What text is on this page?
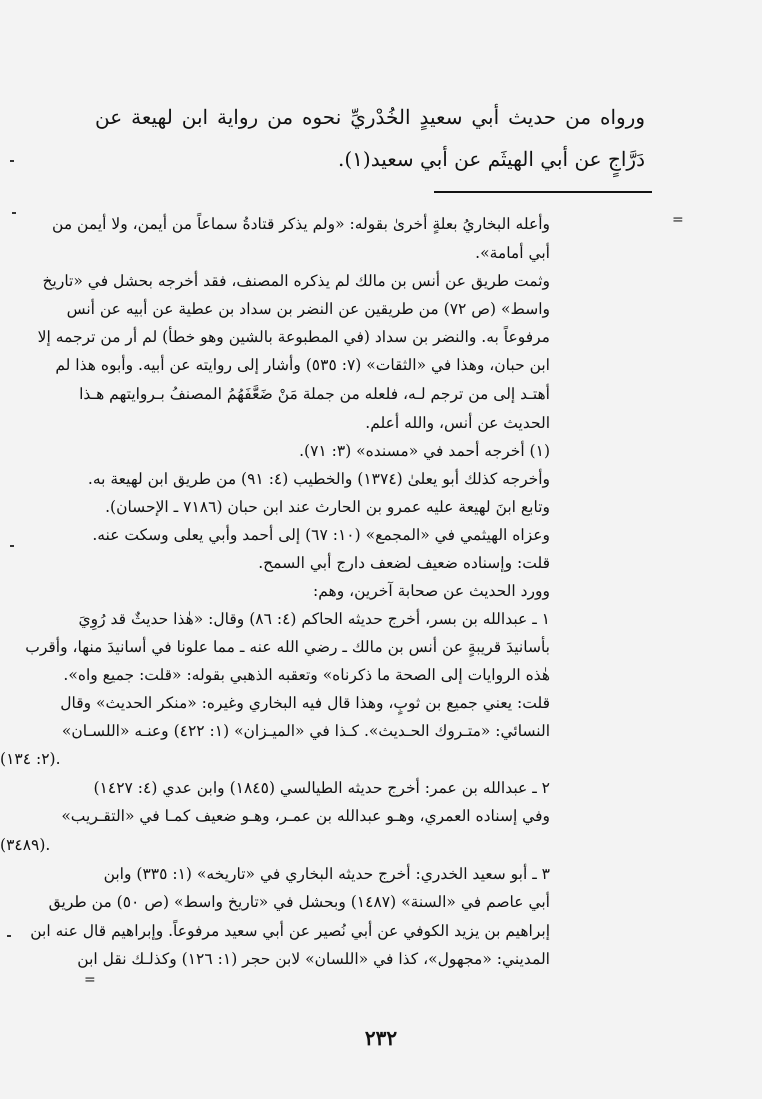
ورواه من حديث أبي سعيدٍ الخُدْريِّ نحوه من رواية ابن لهيعة عن
دَرَّاجٍ عن أبي الهيثَم عن أبي سعيد(١).
وأعله البخاريُ بعلةٍ أخرىٰ بقوله: «ولم يذكر قتادةُ سماعاً من أيمن، ولا أيمن من
أبي أمامة».
وثمت طريق عن أنس بن مالك لم يذكره المصنف، فقد أخرجه بحشل في «تاريخ
واسط» (ص ٧٢) من طريقين عن النضر بن سداد بن عطية عن أبيه عن أنس
مرفوعاً به. والنضر بن سداد (في المطبوعة بالشين وهو خطأ) لم أر من ترجمه إلا
ابن حبان، وهذا في «الثقات» (٧: ٥٣٥) وأشار إلى روايته عن أبيه. وأبوه هذا لم
أهتـد إلى من ترجم لـه، فلعله من جملة مَنْ ضَعَّفَهُمُ المصنفُ بـروايتهم هـذا
الحديث عن أنس، والله أعلم.
(١) أخرجه أحمد في «مسنده» (٣: ٧١).
وأخرجه كذلك أبو يعلىٰ (١٣٧٤) والخطيب (٤: ٩١) من طريق ابن لهيعة به.
وتابع ابنَ لهيعة عليه عمرو بن الحارث عند ابن حبان (٧١٨٦ ـ الإحسان).
وعزاه الهيثمي في «المجمع» (١٠: ٦٧) إلى أحمد وأبي يعلى وسكت عنه.
قلت: وإسناده ضعيف لضعف دارج أبي السمح.
وورد الحديث عن صحابة آخرين، وهم:
١ ـ عبدالله بن بسر، أخرج حديثه الحاكم (٤: ٨٦) وقال: «هٰذا حديثٌ قد رُوِيَ
بأسانيدَ قريبةٍ عن أنس بن مالك ـ رضي الله عنه ـ مما علونا في أسانيدَ منها، وأقرب
هٰذه الروايات إلى الصحة ما ذكرناه» وتعقبه الذهبي بقوله: «قلت: جميع واه».
قلت: يعني جميع بن ثوبٍ، وهذا قال فيه البخاري وغيره: «منكر الحديث» وقال
النسائي: «متـروك الحـديث». كـذا في «الميـزان» (١: ٤٢٢) وعنـه «اللسـان»
(٢: ١٣٤).
٢ ـ عبدالله بن عمر: أخرج حديثه الطيالسي (١٨٤٥) وابن عدي (٤: ١٤٢٧)
وفي إسناده العمري، وهـو عبدالله بن عمـر، وهـو ضعيف كمـا في «التقـريب»
(٣٤٨٩).
٣ ـ أبو سعيد الخدري: أخرج حديثه البخاري في «تاريخه» (١: ٣٣٥) وابن
أبي عاصم في «السنة» (١٤٨٧) وبحشل في «تاريخ واسط» (ص ٥٠) من طريق
إبراهيم بن يزيد الكوفي عن أبي نُصير عن أبي سعيد مرفوعاً. وإبراهيم قال عنه ابن
المديني: «مجهول»، كذا في «اللسان» لابن حجر (١: ١٢٦) وكذلـك نقل ابن
=
=
٢٣٢
